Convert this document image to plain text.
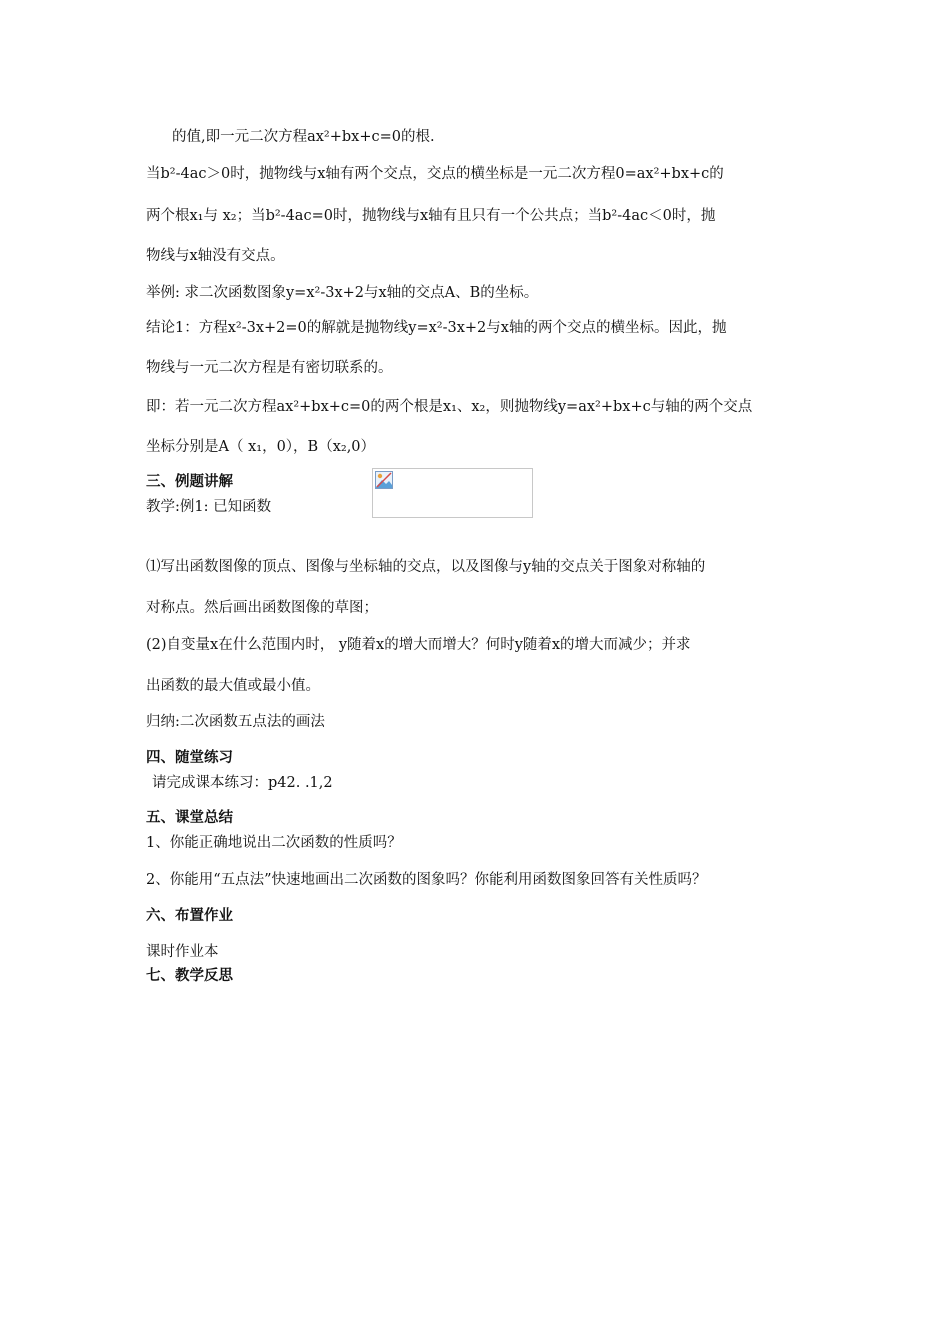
的值,即一元二次方程ax²+bx+c=0的根.
当b²-4ac＞0时，抛物线与x轴有两个交点，交点的横坐标是一元二次方程0=ax²+bx+c的
两个根x₁与 x₂；当b²-4ac=0时，抛物线与x轴有且只有一个公共点；当b²-4ac＜0时，抛
物线与x轴没有交点。
举例: 求二次函数图象y=x²-3x+2与x轴的交点A、B的坐标。
结论1：方程x²-3x+2=0的解就是抛物线y=x²-3x+2与x轴的两个交点的横坐标。因此，抛
物线与一元二次方程是有密切联系的。
即：若一元二次方程ax²+bx+c=0的两个根是x₁、x₂，则抛物线y=ax²+bx+c与轴的两个交点
坐标分别是A（ x₁，0），B（x₂,0）
三、例题讲解
教学:例1: 已知函数
⑴写出函数图像的顶点、图像与坐标轴的交点，以及图像与y轴的交点关于图象对称轴的
对称点。然后画出函数图像的草图；
(2)自变量x在什么范围内时， y随着x的增大而增大？何时y随着x的增大而减少；并求
出函数的最大值或最小值。
归纳:二次函数五点法的画法
四、随堂练习
请完成课本练习：p42. .1,2
五、课堂总结
1、你能正确地说出二次函数的性质吗？
2、你能用“五点法”快速地画出二次函数的图象吗？你能利用函数图象回答有关性质吗？
六、布置作业
课时作业本
七、教学反思
